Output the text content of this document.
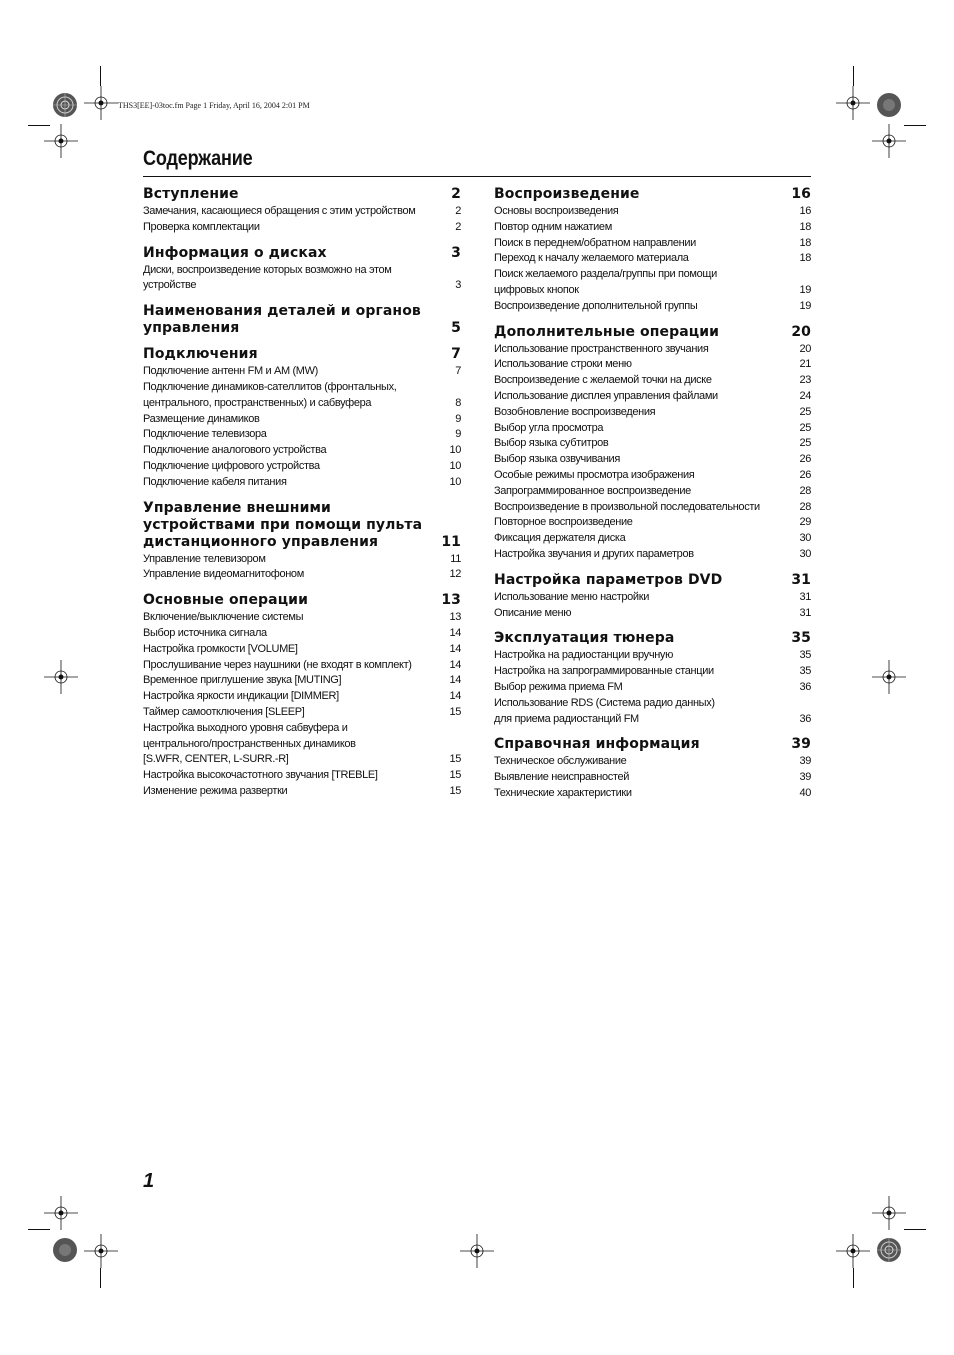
THS3[EE]-03toc.fm Page 1 Friday, April 16, 2004 2:01 PM
Содержание
Вступление	2
Замечания, касающиеся обращения с этим устройством	2
Проверка комплектации	2
Информация о дисках	3
Диски, воспроизведение которых возможно на этом
устройстве	3
Наименования деталей и органов
управления	5
Подключения	7
Подключение антенн FM и AM (MW)	7
Подключение динамиков-сателлитов (фронтальных,
центрального, пространственных) и сабвуфера	8
Размещение динамиков	9
Подключение телевизора	9
Подключение аналогового устройства	10
Подключение цифрового устройства	10
Подключение кабеля питания	10
Управление внешними
устройствами при помощи пульта
дистанционного управления	11
Управление телевизором	11
Управление видеомагнитофоном	12
Основные операции	13
Включение/выключение системы	13
Выбор источника сигнала	14
Настройка громкости [VOLUME]	14
Прослушивание через наушники (не входят в комплект)	14
Временное приглушение звука [MUTING]	14
Настройка яркости индикации [DIMMER]	14
Таймер самоотключения [SLEEP]	15
Настройка выходного уровня сабвуфера и
центрального/пространственных динамиков
[S.WFR, CENTER, L-SURR.-R]	15
Настройка высокочастотного звучания [TREBLE]	15
Изменение режима развертки	15
Воспроизведение	16
Основы воспроизведения	16
Повтор одним нажатием	18
Поиск в переднем/обратном направлении	18
Переход к началу желаемого материала	18
Поиск желаемого раздела/группы при помощи
цифровых кнопок	19
Воспроизведение дополнительной группы	19
Дополнительные операции	20
Использование пространственного звучания	20
Использование строки меню	21
Воспроизведение с желаемой точки на диске	23
Использование дисплея управления файлами	24
Возобновление воспроизведения	25
Выбор угла просмотра	25
Выбор языка субтитров	25
Выбор языка озвучивания	26
Особые режимы просмотра изображения	26
Запрограммированное воспроизведение	28
Воспроизведение в произвольной последовательности	28
Повторное воспроизведение	29
Фиксация держателя диска	30
Настройка звучания и других параметров	30
Настройка параметров DVD	31
Использование меню настройки	31
Описание меню	31
Эксплуатация тюнера	35
Настройка на радиостанции вручную	35
Настройка на запрограммированные станции	35
Выбор режима приема FM	36
Использование RDS (Система радио данных)
для приема радиостанций FM	36
Справочная информация	39
Техническое обслуживание	39
Выявление неисправностей	39
Технические характеристики	40
1
